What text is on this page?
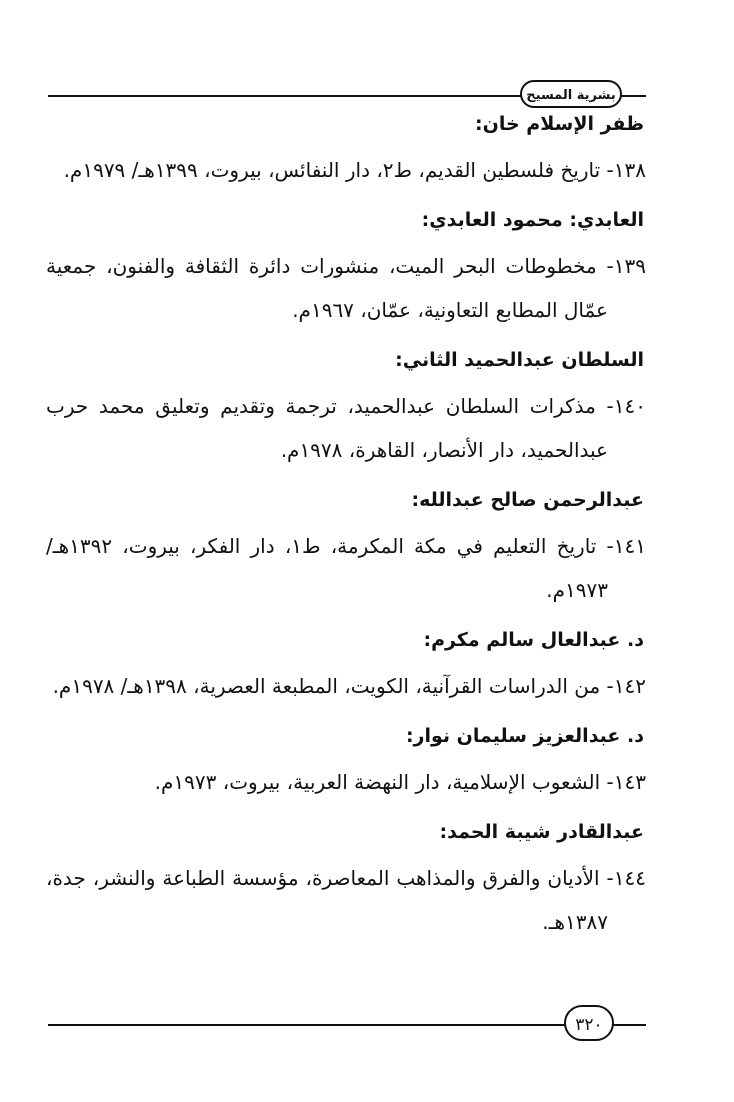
بشرية المسيح
ظفر الإسلام خان:
١٣٨- تاريخ فلسطين القديم، ط٢، دار النفائس، بيروت، ١٣٩٩هـ/ ١٩٧٩م.
العابدي: محمود العابدي:
١٣٩- مخطوطات البحر الميت، منشورات دائرة الثقافة والفنون، جمعية عمّال المطابع التعاونية، عمّان، ١٩٦٧م.
السلطان عبدالحميد الثاني:
١٤٠- مذكرات السلطان عبدالحميد، ترجمة وتقديم وتعليق محمد حرب عبدالحميد، دار الأنصار، القاهرة، ١٩٧٨م.
عبدالرحمن صالح عبدالله:
١٤١- تاريخ التعليم في مكة المكرمة، ط١، دار الفكر، بيروت، ١٣٩٢هـ/ ١٩٧٣م.
د. عبدالعال سالم مكرم:
١٤٢- من الدراسات القرآنية، الكويت، المطبعة العصرية، ١٣٩٨هـ/ ١٩٧٨م.
د. عبدالعزيز سليمان نوار:
١٤٣- الشعوب الإسلامية، دار النهضة العربية، بيروت، ١٩٧٣م.
عبدالقادر شيبة الحمد:
١٤٤- الأديان والفرق والمذاهب المعاصرة، مؤسسة الطباعة والنشر، جدة، ١٣٨٧هـ.
٣٢٠
